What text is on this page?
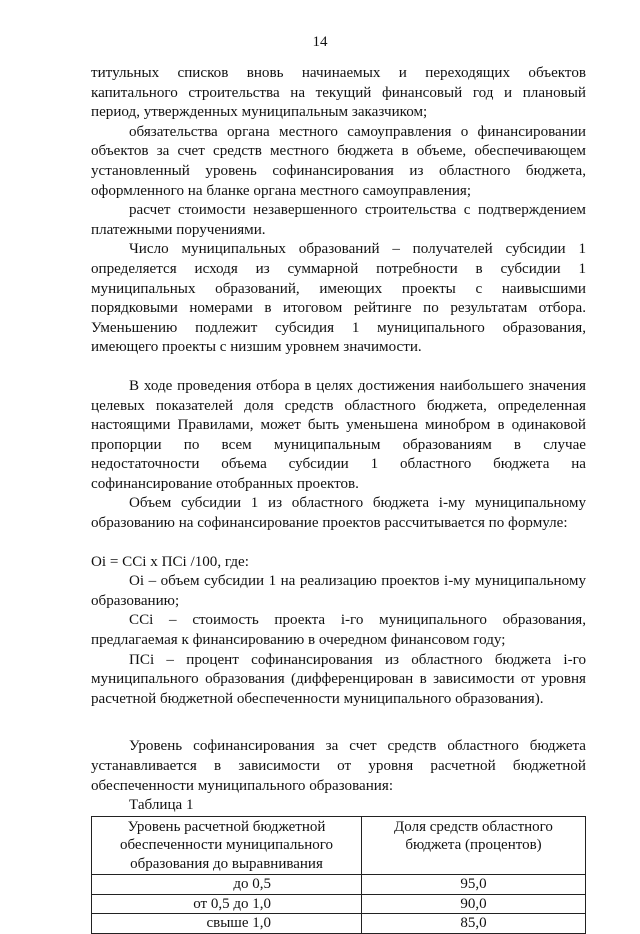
14

титульных списков вновь начинаемых и переходящих объектов капитального строительства на текущий финансовый год и плановый период, утвержденных муниципальным заказчиком;

обязательства органа местного самоуправления о финансировании объектов за счет средств местного бюджета в объеме, обеспечивающем установленный уровень софинансирования из областного бюджета, оформленного на бланке органа местного самоуправления;

расчет стоимости незавершенного строительства с подтверждением платежными поручениями.

Число муниципальных образований – получателей субсидии 1 определяется исходя из суммарной потребности в субсидии 1 муниципальных образований, имеющих проекты с наивысшими порядковыми номерами в итоговом рейтинге по результатам отбора. Уменьшению подлежит субсидия 1 муниципального образования, имеющего проекты с низшим уровнем значимости.

В ходе проведения отбора в целях достижения наибольшего значения целевых показателей доля средств областного бюджета, определенная настоящими Правилами, может быть уменьшена минобром в одинаковой пропорции по всем муниципальным образованиям в случае недостаточности объема субсидии 1 областного бюджета на софинансирование отобранных проектов.

Объем субсидии 1 из областного бюджета i-му муниципальному образованию на софинансирование проектов рассчитывается по формуле:

Оi = ССi х ПСi /100, где:

Оi – объем субсидии 1 на реализацию проектов i-му муниципальному образованию;

ССi – стоимость проекта i-го муниципального образования, предлагаемая к финансированию в очередном финансовом году;

ПСi – процент софинансирования из областного бюджета i-го муниципального образования (дифференцирован в зависимости от уровня расчетной бюджетной обеспеченности муниципального образования).

Уровень софинансирования за счет средств областного бюджета устанавливается в зависимости от уровня расчетной бюджетной обеспеченности муниципального образования:

Таблица 1

Уровень расчетной бюджетной обеспеченности муниципального образования до выравнивания	Доля средств областного бюджета (процентов)
до 0,5	95,0
от 0,5 до 1,0	90,0
свыше 1,0	85,0
